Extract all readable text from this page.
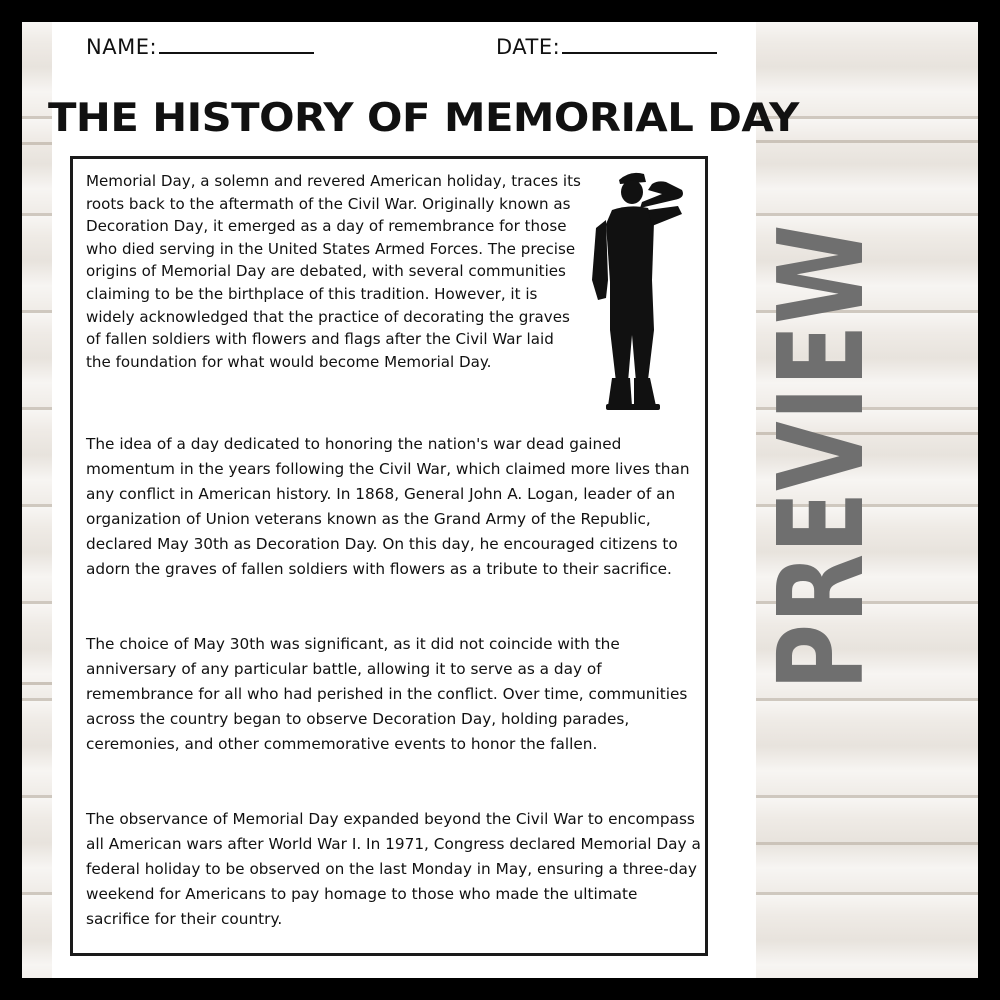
NAME:	DATE:
THE HISTORY OF MEMORIAL DAY

Memorial Day, a solemn and revered American holiday, traces its roots back to the aftermath of the Civil War. Originally known as Decoration Day, it emerged as a day of remembrance for those who died serving in the United States Armed Forces. The precise origins of Memorial Day are debated, with several communities claiming to be the birthplace of this tradition. However, it is widely acknowledged that the practice of decorating the graves of fallen soldiers with flowers and flags after the Civil War laid the foundation for what would become Memorial Day.

The idea of a day dedicated to honoring the nation's war dead gained momentum in the years following the Civil War, which claimed more lives than any conflict in American history. In 1868, General John A. Logan, leader of an organization of Union veterans known as the Grand Army of the Republic, declared May 30th as Decoration Day. On this day, he encouraged citizens to adorn the graves of fallen soldiers with flowers as a tribute to their sacrifice.

The choice of May 30th was significant, as it did not coincide with the anniversary of any particular battle, allowing it to serve as a day of remembrance for all who had perished in the conflict. Over time, communities across the country began to observe Decoration Day, holding parades, ceremonies, and other commemorative events to honor the fallen.

The observance of Memorial Day expanded beyond the Civil War to encompass all American wars after World War I. In 1971, Congress declared Memorial Day a federal holiday to be observed on the last Monday in May, ensuring a three-day weekend for Americans to pay homage to those who made the ultimate sacrifice for their country.

PREVIEW
